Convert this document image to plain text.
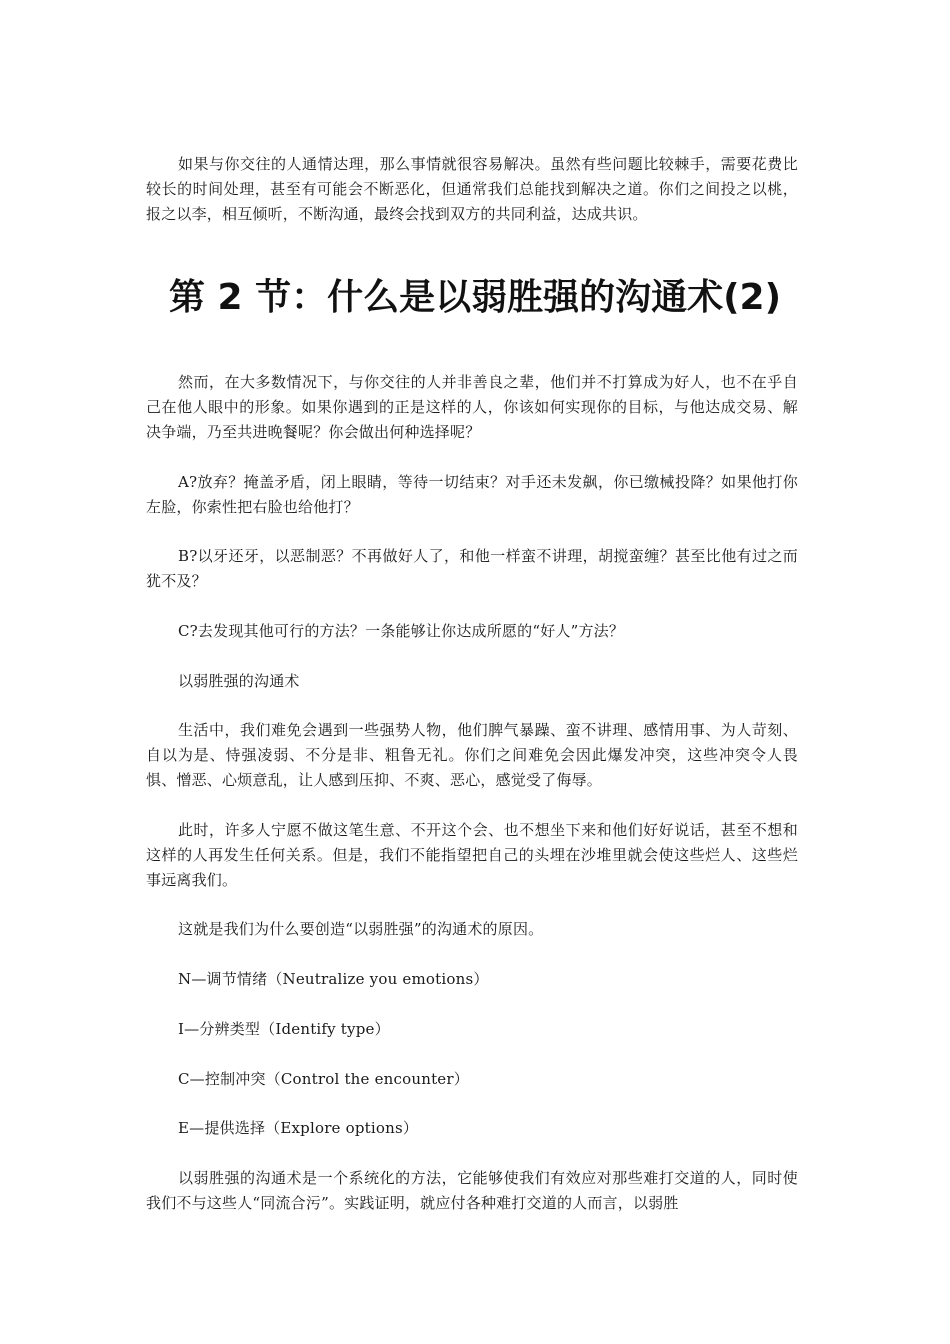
如果与你交往的人通情达理，那么事情就很容易解决。虽然有些问题比较棘手，需要花费比较长的时间处理，甚至有可能会不断恶化，但通常我们总能找到解决之道。你们之间投之以桃，报之以李，相互倾听，不断沟通，最终会找到双方的共同利益，达成共识。

第 2 节：什么是以弱胜强的沟通术(2)

然而，在大多数情况下，与你交往的人并非善良之辈，他们并不打算成为好人，也不在乎自己在他人眼中的形象。如果你遇到的正是这样的人，你该如何实现你的目标，与他达成交易、解决争端，乃至共进晚餐呢？你会做出何种选择呢？

A?放弃？掩盖矛盾，闭上眼睛，等待一切结束？对手还未发飙，你已缴械投降？如果他打你左脸，你索性把右脸也给他打？

B?以牙还牙，以恶制恶？不再做好人了，和他一样蛮不讲理，胡搅蛮缠？甚至比他有过之而犹不及？

C?去发现其他可行的方法？一条能够让你达成所愿的“好人”方法？

以弱胜强的沟通术

生活中，我们难免会遇到一些强势人物，他们脾气暴躁、蛮不讲理、感情用事、为人苛刻、自以为是、恃强凌弱、不分是非、粗鲁无礼。你们之间难免会因此爆发冲突，这些冲突令人畏惧、憎恶、心烦意乱，让人感到压抑、不爽、恶心，感觉受了侮辱。

此时，许多人宁愿不做这笔生意、不开这个会、也不想坐下来和他们好好说话，甚至不想和这样的人再发生任何关系。但是，我们不能指望把自己的头埋在沙堆里就会使这些烂人、这些烂事远离我们。

这就是我们为什么要创造“以弱胜强”的沟通术的原因。

N—调节情绪（Neutralize you emotions）

I—分辨类型（Identify type）

C—控制冲突（Control the encounter）

E—提供选择（Explore options）

以弱胜强的沟通术是一个系统化的方法，它能够使我们有效应对那些难打交道的人，同时使我们不与这些人“同流合污”。实践证明，就应付各种难打交道的人而言，以弱胜
